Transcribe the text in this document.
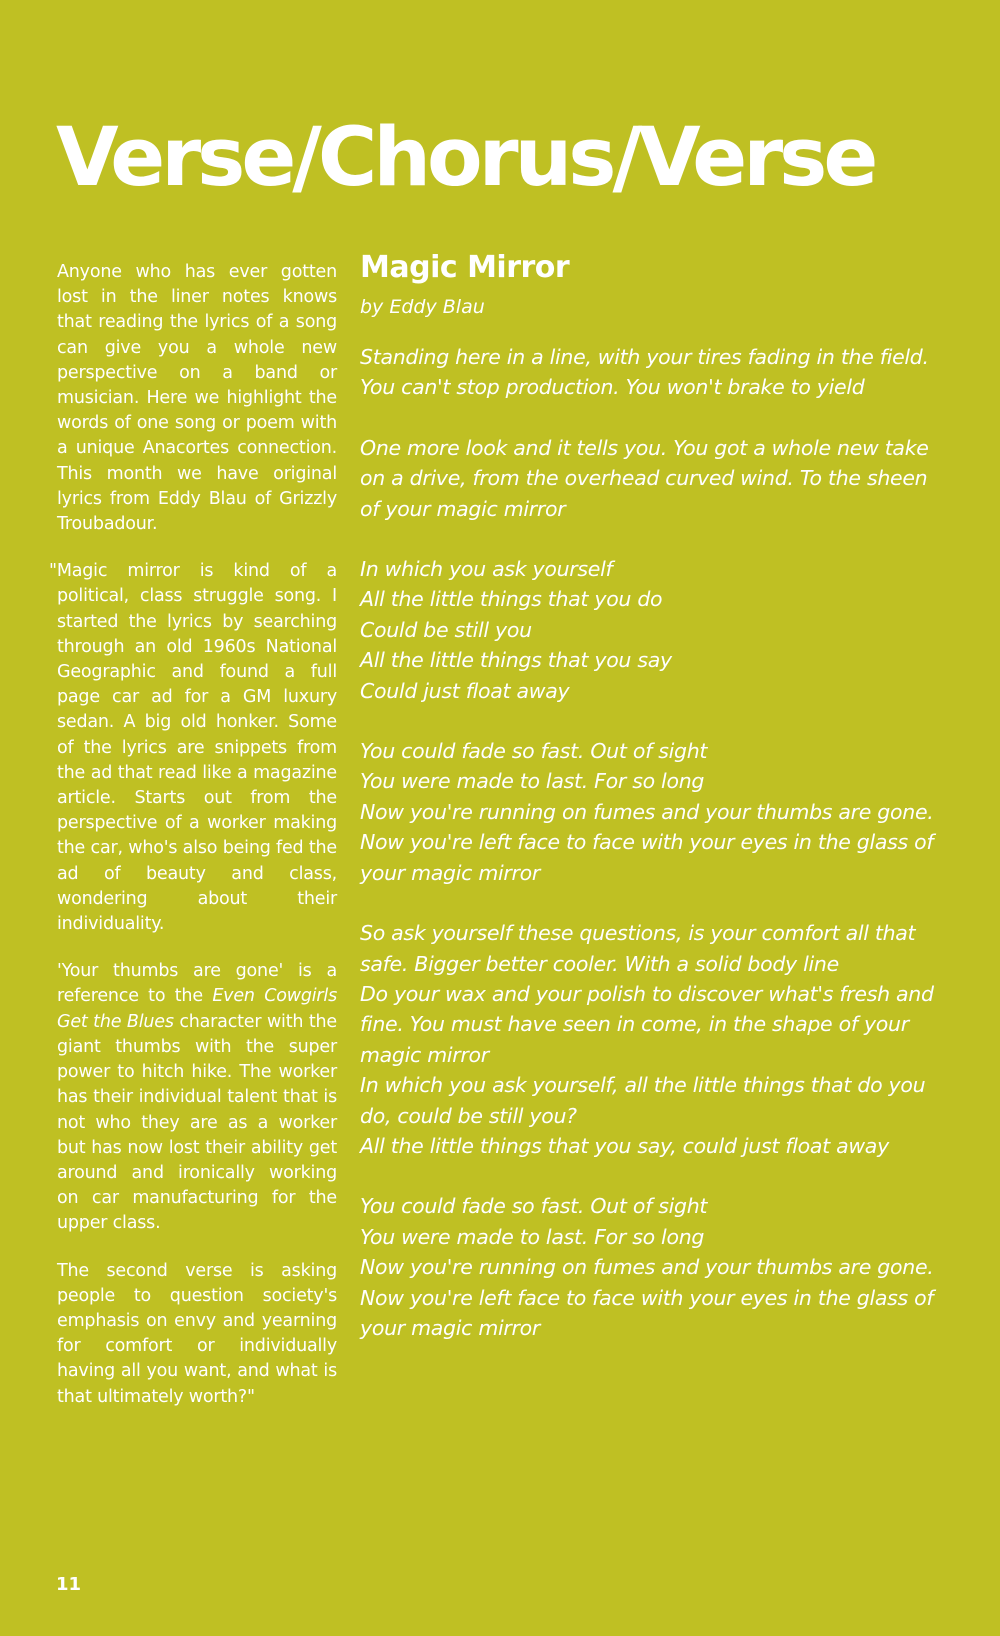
Verse/Chorus/Verse

Anyone who has ever gotten lost in the liner notes knows that reading the lyrics of a song can give you a whole new perspective on a band or musician. Here we highlight the words of one song or poem with a unique Anacortes connection. This month we have original lyrics from Eddy Blau of Grizzly Troubadour.

"Magic mirror is kind of a political, class struggle song. I started the lyrics by searching through an old 1960s National Geographic and found a full page car ad for a GM luxury sedan. A big old honker. Some of the lyrics are snippets from the ad that read like a magazine article. Starts out from the perspective of a worker making the car, who's also being fed the ad of beauty and class, wondering about their individuality.

'Your thumbs are gone' is a reference to the Even Cowgirls Get the Blues character with the giant thumbs with the super power to hitch hike. The worker has their individual talent that is not who they are as a worker but has now lost their ability get around and ironically working on car manufacturing for the upper class.

The second verse is asking people to question society's emphasis on envy and yearning for comfort or individually having all you want, and what is that ultimately worth?"

Magic Mirror
by Eddy Blau
Standing here in a line, with your tires fading in the field. You can't stop production. You won't brake to yield
One more look and it tells you. You got a whole new take on a drive, from the overhead curved wind. To the sheen of your magic mirror
In which you ask yourself
All the little things that you do
Could be still you
All the little things that you say
Could just float away
You could fade so fast. Out of sight
You were made to last. For so long
Now you're running on fumes and your thumbs are gone. Now you're left face to face with your eyes in the glass of your magic mirror
So ask yourself these questions, is your comfort all that safe. Bigger better cooler. With a solid body line
Do your wax and your polish to discover what's fresh and fine. You must have seen in come, in the shape of your magic mirror
In which you ask yourself, all the little things that do you do, could be still you?
All the little things that you say, could just float away
You could fade so fast. Out of sight
You were made to last. For so long
Now you're running on fumes and your thumbs are gone. Now you're left face to face with your eyes in the glass of your magic mirror
11
